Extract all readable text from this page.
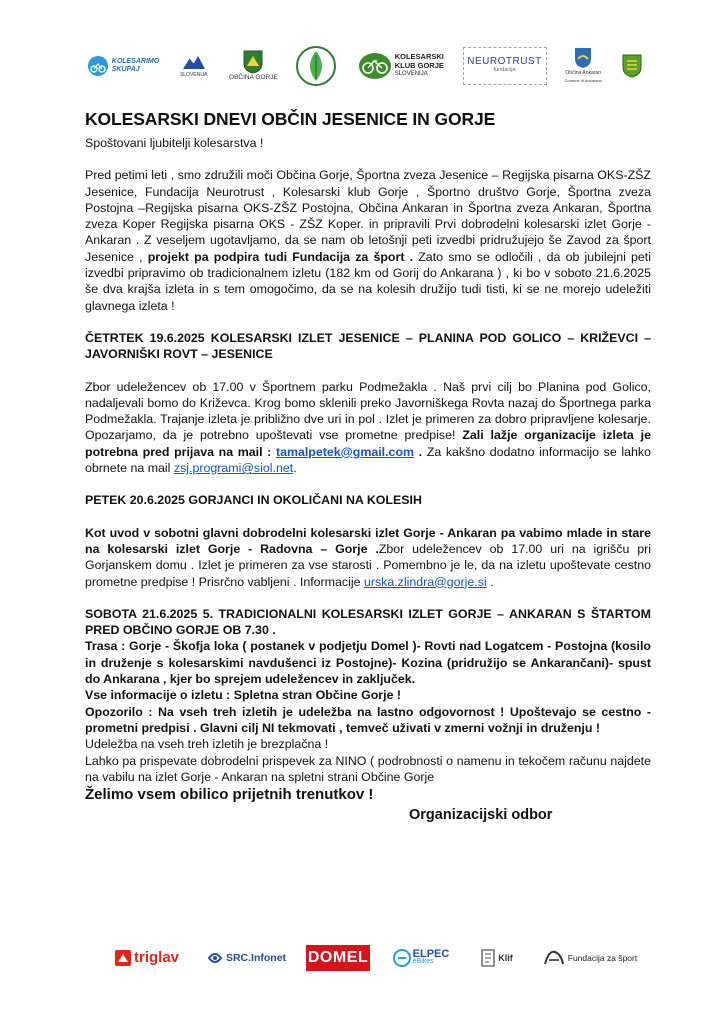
KOLESARIMO
SKUPAJ
SLOVENIJA	OBČINA GORJE
KOLESARSKI
KLUB GORJE
SLOVENIJA
NEUROTRUST
fundacija	Občina Ankaran
Comune di Ancarano
KOLESARSKI DNEVI OBČIN JESENICE IN GORJE

Spoštovani ljubitelji kolesarstva !

Pred petimi leti , smo združili moči Občina Gorje, Športna zveza Jesenice – Regijska pisarna OKS-ZŠZ Jesenice, Fundacija Neurotrust , Kolesarski klub Gorje , Športno društvo Gorje, Športna zveza Postojna –Regijska pisarna OKS-ZŠZ Postojna, Občina Ankaran in Športna zveza Ankaran, Športna zveza Koper Regijska pisarna OKS - ZŠZ Koper. in pripravili Prvi dobrodelni kolesarski izlet Gorje - Ankaran . Z veseljem ugotavljamo, da se nam ob letošnji peti izvedbi pridružujejo še Zavod za šport Jesenice , projekt pa podpira tudi Fundacija za šport . Zato smo se odločili , da ob jubilejni peti izvedbi pripravimo ob tradicionalnem izletu (182 km od Gorij do Ankarana ) , ki bo v soboto 21.6.2025 še dva krajša izleta in s tem omogočimo, da se na kolesih družijo tudi tisti, ki se ne morejo udeležiti glavnega izleta !

ČETRTEK 19.6.2025 KOLESARSKI IZLET JESENICE – PLANINA POD GOLICO – KRIŽEVCI – JAVORNIŠKI ROVT – JESENICE

Zbor udeležencev ob 17.00 v Športnem parku Podmežakla . Naš prvi cilj bo Planina pod Golico, nadaljevali bomo do Križevca. Krog bomo sklenili preko Javorniškega Rovta nazaj do Športnega parka Podmežakla. Trajanje izleta je približno dve uri in pol . Izlet je primeren za dobro pripravljene kolesarje. Opozarjamo, da je potrebno upoštevati vse prometne predpise! Zali lažje organizacije izleta je potrebna pred prijava na mail : tamalpetek@gmail.com . Za kakšno dodatno informacijo se lahko obrnete na mail zsj.programi@siol.net.

PETEK 20.6.2025 GORJANCI IN OKOLIČANI NA KOLESIH

Kot uvod v sobotni glavni dobrodelni kolesarski izlet Gorje - Ankaran pa vabimo mlade in stare na kolesarski izlet Gorje - Radovna – Gorje .Zbor udeležencev ob 17.00 uri na igrišču pri Gorjanskem domu . Izlet je primeren za vse starosti . Pomembno je le, da na izletu upoštevate cestno prometne predpise ! Prisrčno vabljeni . Informacije urska.zlindra@gorje.si .

SOBOTA 21.6.2025 5. TRADICIONALNI KOLESARSKI IZLET GORJE – ANKARAN S ŠTARTOM PRED OBČINO GORJE OB 7.30 .

Trasa : Gorje - Škofja loka ( postanek v podjetju Domel )- Rovti nad Logatcem - Postojna (kosilo in druženje s kolesarskimi navdušenci iz Postojne)- Kozina (pridružijo se Ankarančani)- spust do Ankarana , kjer bo sprejem udeležencev in zaključek.

Vse informacije o izletu : Spletna stran Občine Gorje !

Opozorilo : Na vseh treh izletih je udeležba na lastno odgovornost ! Upoštevajo se cestno -prometni predpisi . Glavni cilj NI tekmovati , temveč uživati v zmerni vožnji in druženju !

Udeležba na vseh treh izletih je brezplačna !

Lahko pa prispevate dobrodelni prispevek za NINO ( podrobnosti o namenu in tekočem računu najdete na vabilu na izlet Gorje - Ankaran na spletni strani Občine Gorje

Želimo vsem obilico prijetnih trenutkov !

Organizacijski odbor

triglav	SRC.Infonet DOMEL	ELPEC
eBikes	Klif	Fundacija za šport
